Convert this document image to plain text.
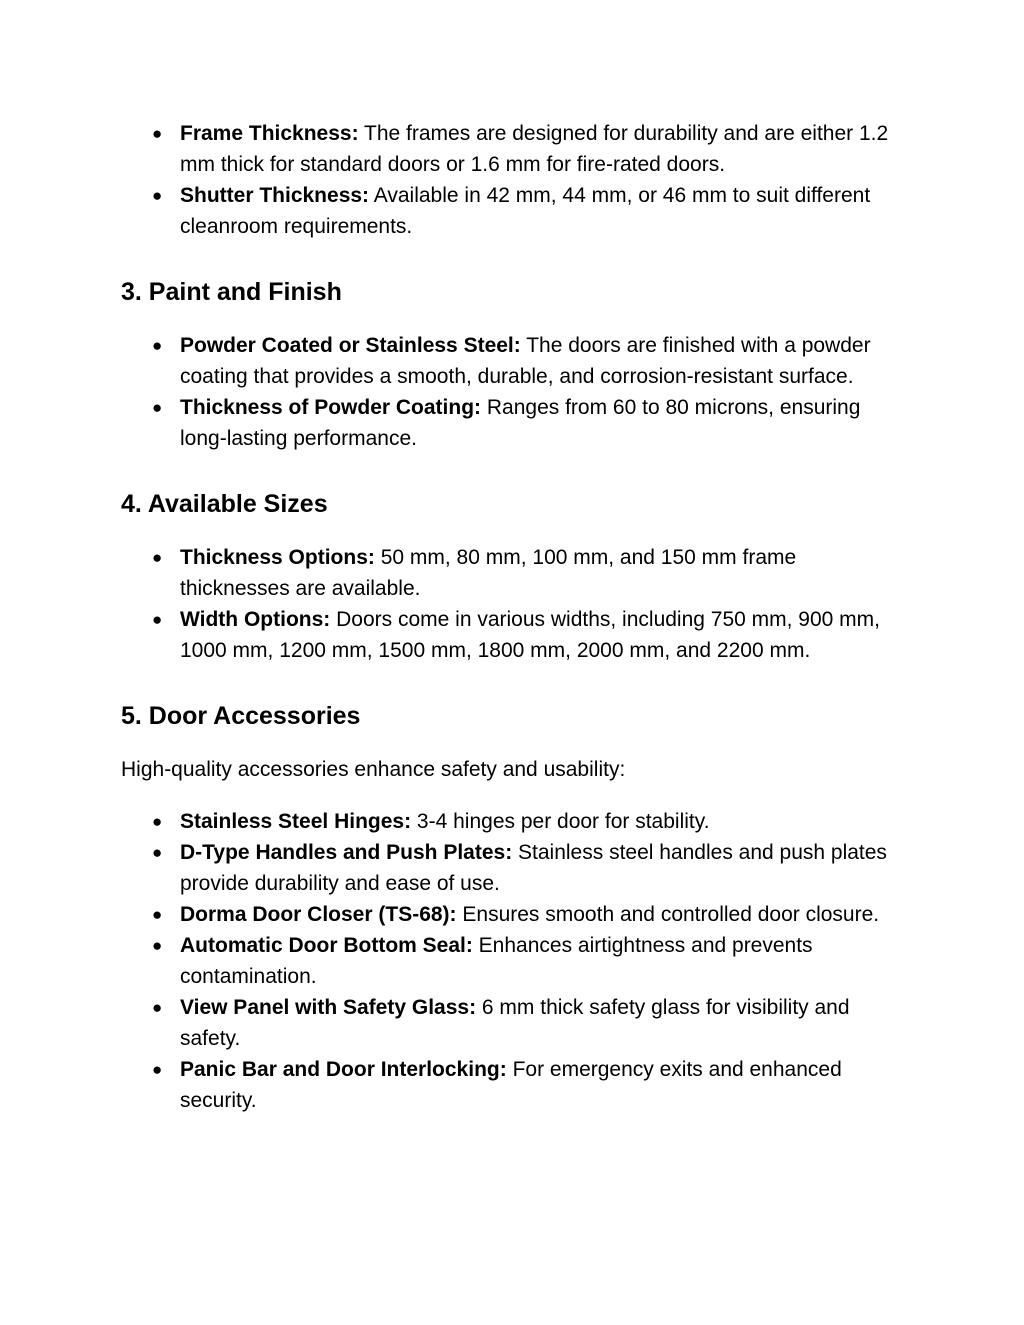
● Frame Thickness: The frames are designed for durability and are either 1.2 mm thick for standard doors or 1.6 mm for fire-rated doors.
● Shutter Thickness: Available in 42 mm, 44 mm, or 46 mm to suit different cleanroom requirements.
3. Paint and Finish
● Powder Coated or Stainless Steel: The doors are finished with a powder coating that provides a smooth, durable, and corrosion-resistant surface.
● Thickness of Powder Coating: Ranges from 60 to 80 microns, ensuring long-lasting performance.
4. Available Sizes
● Thickness Options: 50 mm, 80 mm, 100 mm, and 150 mm frame thicknesses are available.
● Width Options: Doors come in various widths, including 750 mm, 900 mm, 1000 mm, 1200 mm, 1500 mm, 1800 mm, 2000 mm, and 2200 mm.
5. Door Accessories

High-quality accessories enhance safety and usability:

● Stainless Steel Hinges: 3-4 hinges per door for stability.
● D-Type Handles and Push Plates: Stainless steel handles and push plates provide durability and ease of use.
● Dorma Door Closer (TS-68): Ensures smooth and controlled door closure.
● Automatic Door Bottom Seal: Enhances airtightness and prevents contamination.
● View Panel with Safety Glass: 6 mm thick safety glass for visibility and safety.
● Panic Bar and Door Interlocking: For emergency exits and enhanced security.
